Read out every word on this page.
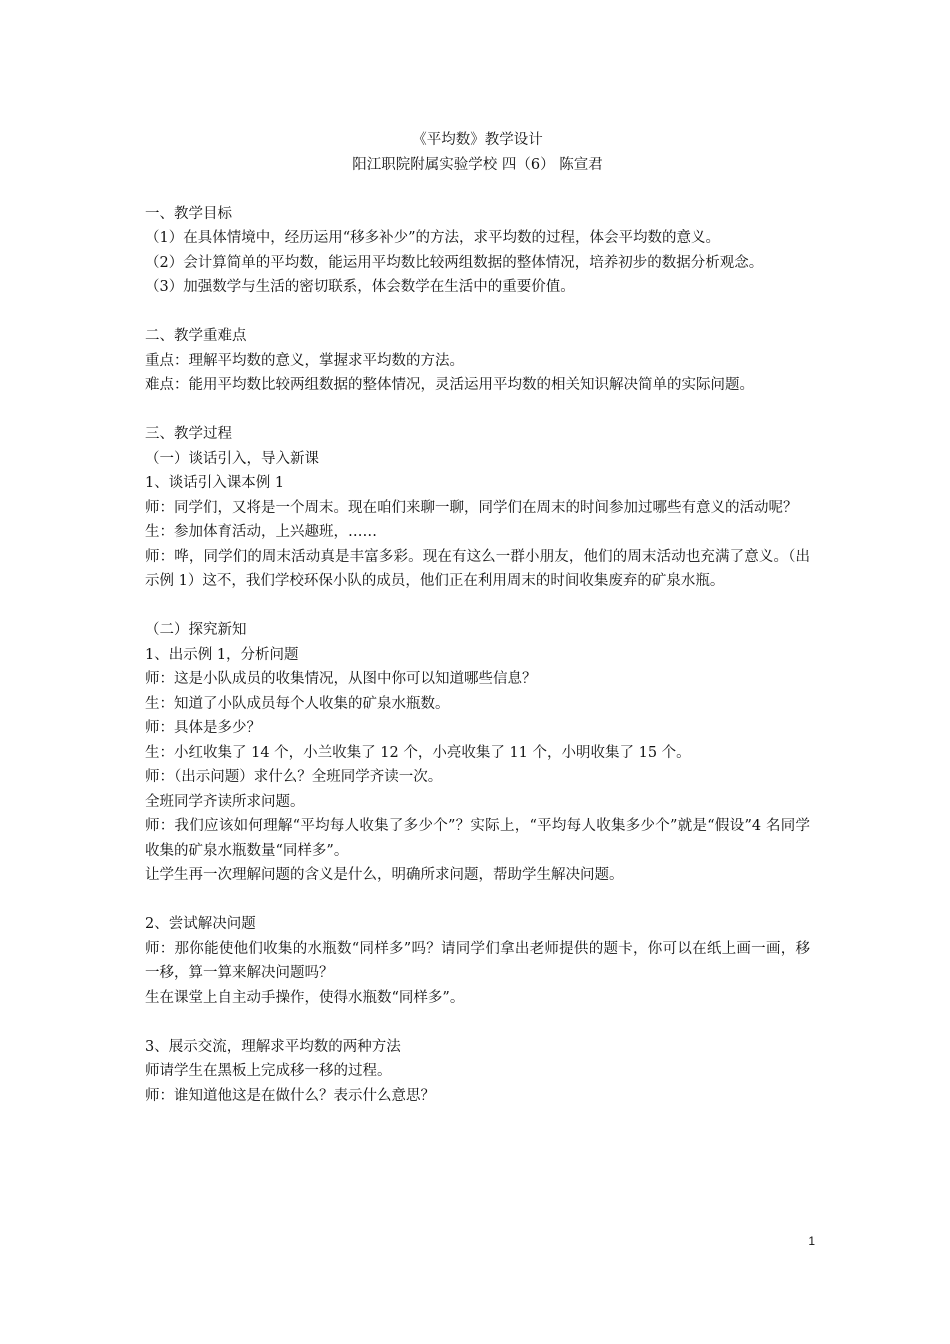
《平均数》教学设计
阳江职院附属实验学校 四（6） 陈宣君

一、教学目标

（1）在具体情境中，经历运用“移多补少”的方法，求平均数的过程，体会平均数的意义。

（2）会计算简单的平均数，能运用平均数比较两组数据的整体情况，培养初步的数据分析观念。

（3）加强数学与生活的密切联系，体会数学在生活中的重要价值。

二、教学重难点

重点：理解平均数的意义，掌握求平均数的方法。

难点：能用平均数比较两组数据的整体情况，灵活运用平均数的相关知识解决简单的实际问题。

三、教学过程

（一）谈话引入，导入新课

1、谈话引入课本例 1

师：同学们，又将是一个周末。现在咱们来聊一聊，同学们在周末的时间参加过哪些有意义的活动呢？

生：参加体育活动，上兴趣班，……

师：哗，同学们的周末活动真是丰富多彩。现在有这么一群小朋友，他们的周末活动也充满了意义。（出示例 1）这不，我们学校环保小队的成员，他们正在利用周末的时间收集废弃的矿泉水瓶。

（二）探究新知

1、出示例 1，分析问题

师：这是小队成员的收集情况，从图中你可以知道哪些信息？

生：知道了小队成员每个人收集的矿泉水瓶数。

师：具体是多少？

生：小红收集了 14 个，小兰收集了 12 个，小亮收集了 11 个，小明收集了 15 个。

师：（出示问题）求什么？全班同学齐读一次。

全班同学齐读所求问题。

师：我们应该如何理解“平均每人收集了多少个”？实际上，“平均每人收集多少个”就是“假设”4 名同学收集的矿泉水瓶数量“同样多”。

让学生再一次理解问题的含义是什么，明确所求问题，帮助学生解决问题。

2、尝试解决问题

师：那你能使他们收集的水瓶数“同样多”吗？请同学们拿出老师提供的题卡，你可以在纸上画一画，移一移，算一算来解决问题吗？

生在课堂上自主动手操作，使得水瓶数“同样多”。

3、展示交流，理解求平均数的两种方法

师请学生在黑板上完成移一移的过程。

师：谁知道他这是在做什么？表示什么意思？

1
